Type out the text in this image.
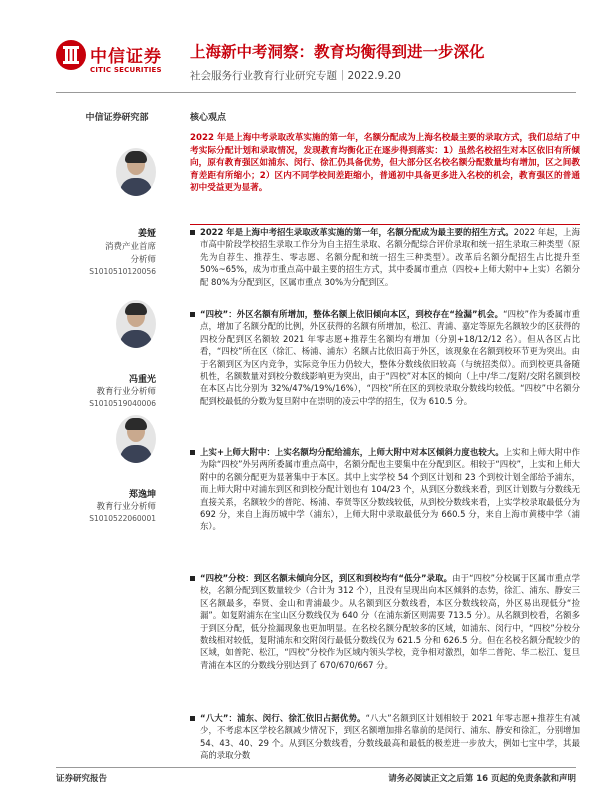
中信证券
CITIC SECURITIES
上海新中考洞察：教育均衡得到进一步深化
社会服务行业教育行业研究专题｜2022.9.20
中信证券研究部
姜娅
消费产业首席
分析师
S1010510120056
冯重光
教育行业分析师
S1010519040006
郑逸坤
教育行业分析师
S1010522060001
核心观点
2022 年是上海中考录取改革实施的第一年，名额分配成为上海名校最主要的录取方式，我们总结了中考实际分配计划和录取情况，发现教育均衡化正在逐步得到落实：1）虽然名校招生对本区依旧有所倾向，原有教育强区如浦东、闵行、徐汇仍具备优势，但大部分区名校名额分配数量均有增加，区之间教育差距有所缩小；2）区内不同学校间差距缩小，普通初中具备更多进入名校的机会，教育强区的普通初中受益更为显著。
2022 年是上海中考招生录取改革实施的第一年，名额分配成为最主要的招生方式。2022 年起，上海市高中阶段学校招生录取工作分为自主招生录取、名额分配综合评价录取和统一招生录取三种类型（原先为自荐生、推荐生、零志愿、名额分配和统一招生三种类型）。改革后名额分配招生占比提升至 50%~65%，成为市重点高中最主要的招生方式，其中委属市重点（四校+上师大附中+上实）名额分配 80%为分配到区，区属市重点 30%为分配到区。
“四校”：外区名额有所增加，整体名额上依旧倾向本区，到校存在“捡漏”机会。“四校”作为委属市重点，增加了名额分配的比例，外区获得的名额有所增加，松江、青浦、嘉定等原先名额较少的区获得的四校分配到区名额较 2021 年零志愿+推荐生名额均有增加（分别+18/12/12 名）。但从各区占比看，“四校”所在区（徐汇、杨浦、浦东）名额占比依旧高于外区，该现象在名额到校环节更为突出。由于名额到区为区内竞争，实际竞争压力仍较大，整体分数线依旧较高（与统招类似）。而到校更具备随机性，名额数量对到校分数线影响更为突出，由于“四校”对本区的倾向（上中/华二/复附/交附名额到校在本区占比分别为 32%/47%/19%/16%），“四校”所在区的到校录取分数线均较低。“四校”中名额分配到校最低的分数为复旦附中在崇明的凌云中学的招生，仅为 610.5 分。
上实+上师大附中：上实名额均分配给浦东，上师大附中对本区倾斜力度也较大。上实和上师大附中作为除“四校”外另两所委属市重点高中，名额分配也主要集中在分配到区。相较于“四校”，上实和上师大附中的名额分配更为显著集中于本区。其中上实学校 54 个到区计划和 23 个到校计划全部给予浦东，而上师大附中对浦东到区和到校分配计划也有 104/23 个，从到区分数线来看，到区计划数与分数线无直接关系，名额较少的普陀、杨浦、奉贤等区分数线较低，从到校分数线来看，上实学校录取最低分为 692 分，来自上海历城中学（浦东），上师大附中录取最低分为 660.5 分，来自上海市黄楼中学（浦东）。
“四校”分校：到区名额未倾向分区，到区和到校均有“低分”录取。由于“四校”分校属于区属市重点学校，名额分配到区数量较少（合计为 312 个），且没有呈现出向本区倾斜的态势，徐汇、浦东、静安三区名额最多，奉贤、金山和青浦最少。从名额到区分数线看，本区分数线较高，外区易出现低分“捡漏”。如复附浦东在宝山区分数线仅为 640 分（在浦东新区则需要 713.5 分）。从名额到校看，名额多于到区分配，低分捡漏现象也更加明显。在名校名额分配较多的区域，如浦东、闵行中，“四校”分校分数线相对较低，复附浦东和交附闵行最低分数线仅为 621.5 分和 626.5 分。但在名校名额分配较少的区域，如普陀、松江，“四校”分校作为区域内领头学校，竞争相对激烈，如华二普陀、华二松江、复旦青浦在本区的分数线分别达到了 670/670/667 分。
“八大”：浦东、闵行、徐汇依旧占据优势。“八大”名额到区计划相较于 2021 年零志愿+推荐生有减少，不考虑本区学校名额减少情况下，到区名额增加排名靠前的是闵行、浦东、静安和徐汇，分别增加 54、43、40、29 个。从到区分数线看，分数线最高和最低的极差进一步放大，例如七宝中学，其最高的录取分数
证券研究报告	请务必阅读正文之后第 16 页起的免责条款和声明
